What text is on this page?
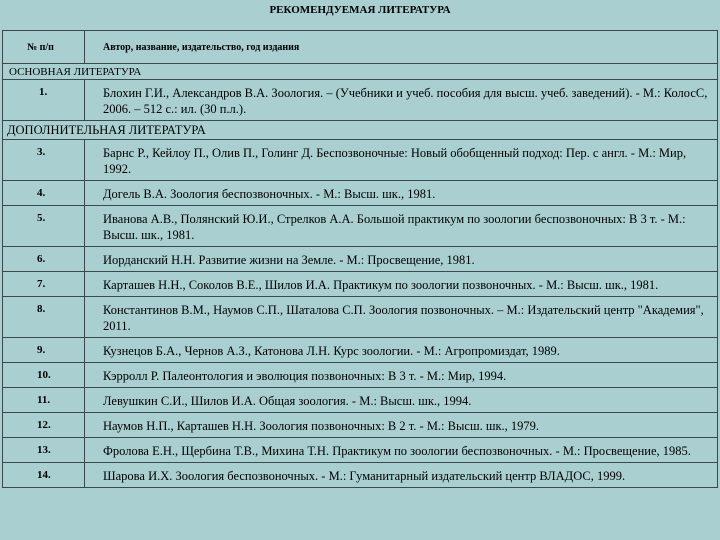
РЕКОМЕНДУЕМАЯ ЛИТЕРАТУРА
№ п/п	Автор, название, издательство, год издания
ОСНОВНАЯ ЛИТЕРАТУРА	
1.	Блохин Г.И., Александров В.А. Зоология. – (Учебники и учеб. пособия для высш. учеб. заведений). - М.: КолосС, 2006. – 512 с.: ил. (30 п.л.).
ДОПОЛНИТЕЛЬНАЯ ЛИТЕРАТУРА	
3.	Барнс Р., Кейлоу П., Олив П., Голинг Д. Беспозвоночные: Новый обобщенный подход: Пер. с англ. - М.: Мир, 1992.
4.	Догель В.А. Зоология беспозвоночных. - М.: Высш. шк., 1981.
5.	Иванова А.В., Полянский Ю.И., Стрелков А.А. Большой практикум по зоологии беспозвоночных: В 3 т. - М.: Высш. шк., 1981.
6.	Иорданский Н.Н. Развитие жизни на Земле. - М.: Просвещение, 1981.
7.	Карташев Н.Н., Соколов В.Е., Шилов И.А. Практикум по зоологии позвоночных. - М.: Высш. шк., 1981.
8.	Константинов В.М., Наумов С.П., Шаталова С.П. Зоология позвоночных. – М.: Издательский центр "Академия", 2011.
9.	Кузнецов Б.А., Чернов А.З., Катонова Л.Н. Курс зоологии. - М.: Агропромиздат, 1989.
10.	Кэрролл Р. Палеонтология и эволюция позвоночных: В 3 т. - М.: Мир, 1994.
11.	Левушкин С.И., Шилов И.А. Общая зоология. - М.: Высш. шк., 1994.
12.	Наумов Н.П., Карташев Н.Н. Зоология позвоночных: В 2 т. - М.: Высш. шк., 1979.
13.	Фролова Е.Н., Щербина Т.В., Михина Т.Н. Практикум по зоологии беспозвоночных. - М.: Просвещение, 1985.
14.	Шарова И.Х. Зоология беспозвоночных. - М.: Гуманитарный издательский центр ВЛАДОС, 1999.
